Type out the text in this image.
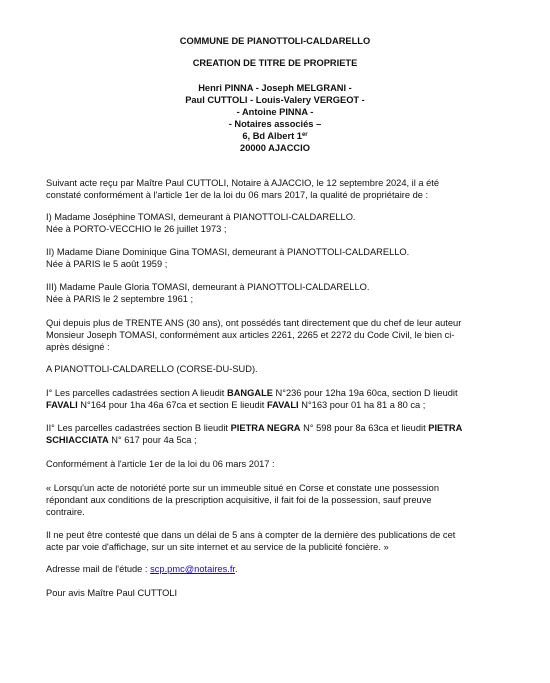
COMMUNE DE PIANOTTOLI-CALDARELLO
CREATION DE TITRE DE PROPRIETE
Henri PINNA - Joseph MELGRANI -
Paul CUTTOLI - Louis-Valery VERGEOT -
- Antoine PINNA -
- Notaires associés –
6, Bd Albert 1er
20000 AJACCIO

Suivant acte reçu par Maître Paul CUTTOLI, Notaire à AJACCIO, le 12 septembre 2024, il a été

constaté conformément à l'article 1er de la loi du 06 mars 2017, la qualité de propriétaire de :

I) Madame Joséphine TOMASI, demeurant à PIANOTTOLI-CALDARELLO.

Née à PORTO-VECCHIO le 26 juillet 1973 ;

II) Madame Diane Dominique Gina TOMASI, demeurant à PIANOTTOLI-CALDARELLO.

Née à PARIS le 5 août 1959 ;

III) Madame Paule Gloria TOMASI, demeurant à PIANOTTOLI-CALDARELLO.

Née à PARIS le 2 septembre 1961 ;

Qui depuis plus de TRENTE ANS (30 ans), ont possédés tant directement que du chef de leur auteur

Monsieur Joseph TOMASI, conformément aux articles 2261, 2265 et 2272 du Code Civil, le bien ci-

après désigné :

A PIANOTTOLI-CALDARELLO (CORSE-DU-SUD).

I° Les parcelles cadastrées section A lieudit BANGALE N°236 pour 12ha 19a 60ca, section D lieudit

FAVALI N°164 pour 1ha 46a 67ca et section E lieudit FAVALI N°163 pour 01 ha 81 a 80 ca ;

II° Les parcelles cadastrées section B lieudit PIETRA NEGRA N° 598 pour 8a 63ca et lieudit PIETRA

SCHIACCIATA N° 617 pour 4a 5ca ;

Conformément à l'article 1er de la loi du 06 mars 2017 :

« Lorsqu'un acte de notoriété porte sur un immeuble situé en Corse et constate une possession

répondant aux conditions de la prescription acquisitive, il fait foi de la possession, sauf preuve

contraire.

Il ne peut être contesté que dans un délai de 5 ans à compter de la dernière des publications de cet

acte par voie d'affichage, sur un site internet et au service de la publicité foncière. »

Adresse mail de l'étude : scp.pmc@notaires.fr.
Pour avis Maître Paul CUTTOLI
